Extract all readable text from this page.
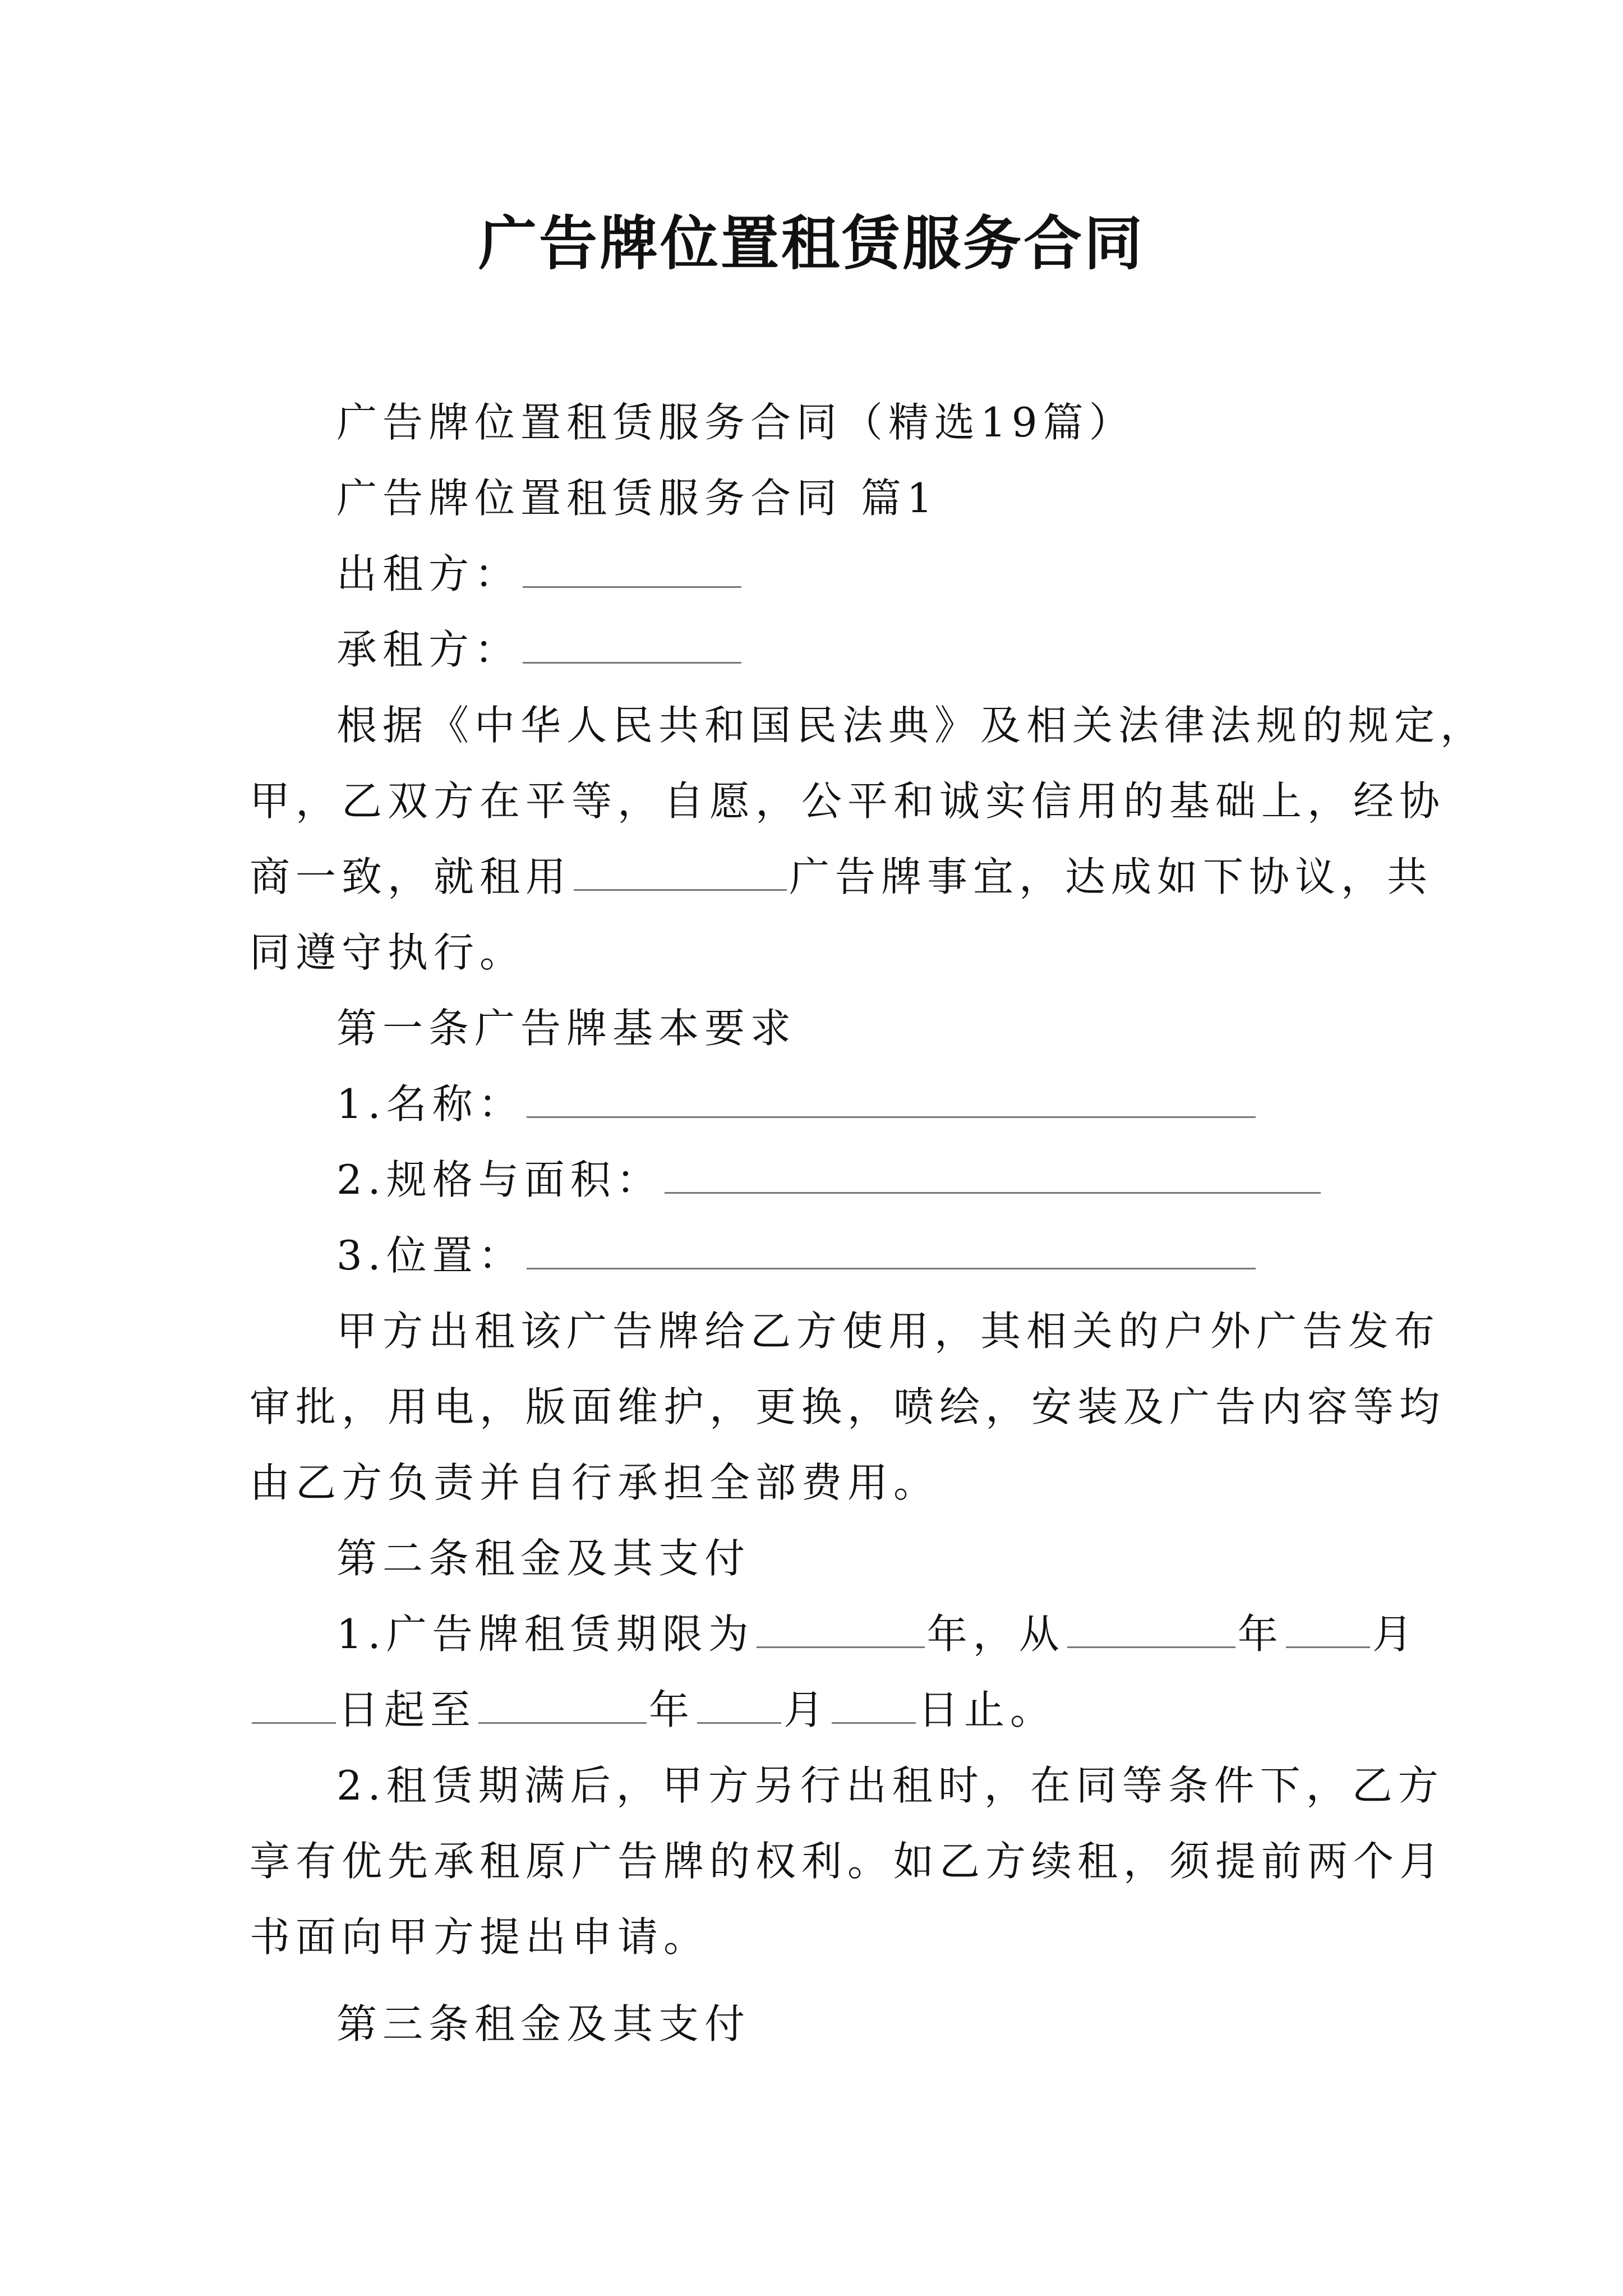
广告牌位置租赁服务合同
广告牌位置租赁服务合同（精选19篇）
广告牌位置租赁服务合同 篇1
出租方：
承租方：
根据《中华人民共和国民法典》及相关法律法规的规定，
甲，乙双方在平等，自愿，公平和诚实信用的基础上，经协
商一致，就租用	广告牌事宜，达成如下协议，共
同遵守执行。
第一条广告牌基本要求
1.名称：
2.规格与面积：
3.位置：
甲方出租该广告牌给乙方使用，其相关的户外广告发布
审批，用电，版面维护，更换，喷绘，安装及广告内容等均
由乙方负责并自行承担全部费用。
第二条租金及其支付
1.广告牌租赁期限为	年，从	年 月
日起至	年 月 日止。
2.租赁期满后，甲方另行出租时，在同等条件下，乙方
享有优先承租原广告牌的权利。如乙方续租，须提前两个月
书面向甲方提出申请。
第三条租金及其支付
